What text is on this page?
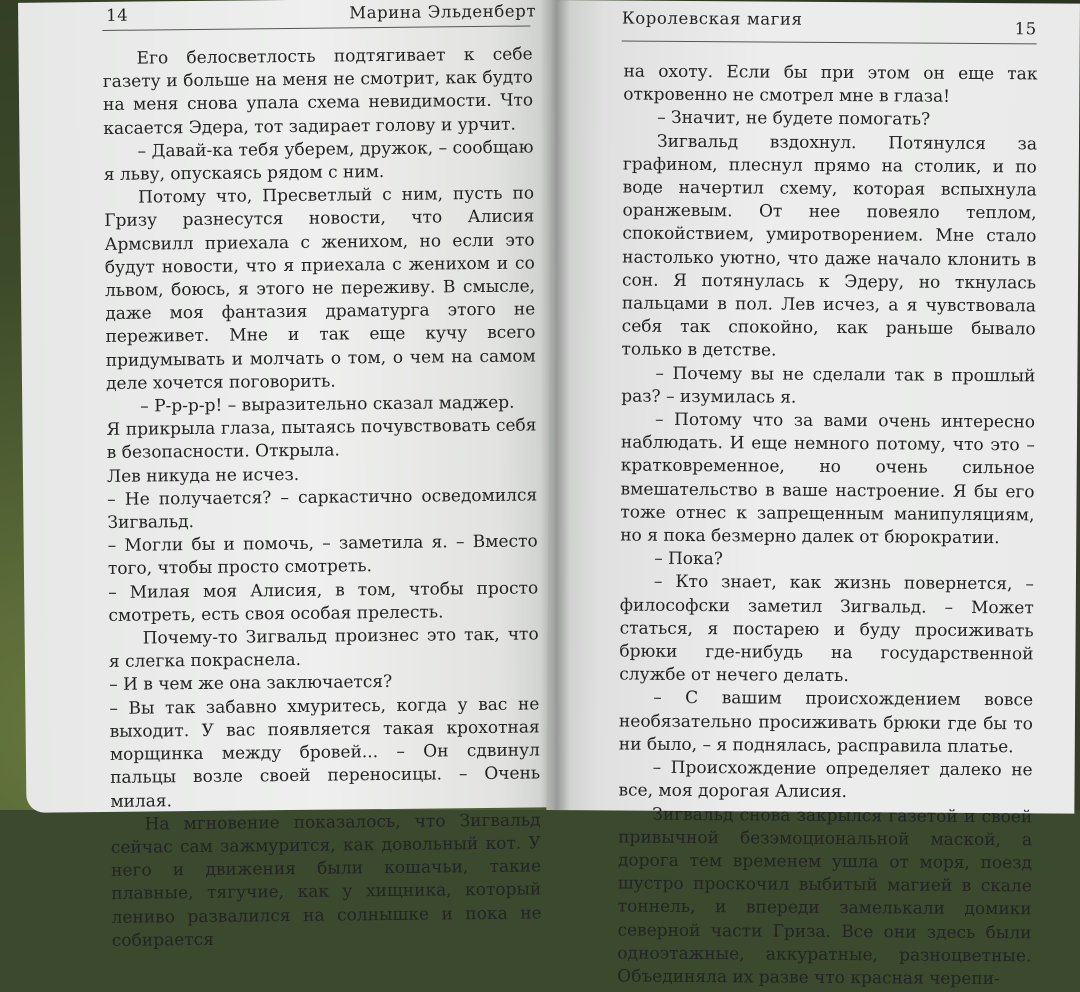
14	Марина Эльденберт

Его белосветлость подтягивает к себе газету и больше на меня не смотрит, как будто на меня снова упала схема невидимости. Что касается Эдера, тот задирает голову и урчит.

– Давай-ка тебя уберем, дружок, – сообщаю я льву, опускаясь рядом с ним.

Потому что, Пресветлый с ним, пусть по Гризу разнесутся новости, что Алисия Армсвилл приехала с женихом, но если это будут новости, что я приехала с женихом и со львом, боюсь, я этого не переживу. В смысле, даже моя фантазия драматурга этого не переживет. Мне и так еще кучу всего придумывать и молчать о том, о чем на самом деле хочется поговорить.

– Р-р-р-р! – выразительно сказал маджер.

Я прикрыла глаза, пытаясь почувствовать себя в безопасности. Открыла.

Лев никуда не исчез.

– Не получается? – саркастично осведомился Зигвальд.

– Могли бы и помочь, – заметила я. – Вместо того, чтобы просто смотреть.

– Милая моя Алисия, в том, чтобы просто смотреть, есть своя особая прелесть.

Почему-то Зигвальд произнес это так, что я слегка покраснела.

– И в чем же она заключается?

– Вы так забавно хмуритесь, когда у вас не выходит. У вас появляется такая крохотная морщинка между бровей... – Он сдвинул пальцы возле своей переносицы. – Очень милая.

На мгновение показалось, что Зигвальд сейчас сам зажмурится, как довольный кот. У него и движения были кошачьи, такие плавные, тягучие, как у хищника, который лениво развалился на солнышке и пока не собирается

Королевская магия
15

на охоту. Если бы при этом он еще так откровенно не смотрел мне в глаза!

– Значит, не будете помогать?

Зигвальд вздохнул. Потянулся за графином, плеснул прямо на столик, и по воде начертил схему, которая вспыхнула оранжевым. От нее повеяло теплом, спокойствием, умиротворением. Мне стало настолько уютно, что даже начало клонить в сон. Я потянулась к Эдеру, но ткнулась пальцами в пол. Лев исчез, а я чувствовала себя так спокойно, как раньше бывало только в детстве.

– Почему вы не сделали так в прошлый раз? – изумилась я.

– Потому что за вами очень интересно наблюдать. И еще немного потому, что это – кратковременное, но очень сильное вмешательство в ваше настроение. Я бы его тоже отнес к запрещенным манипуляциям, но я пока безмерно далек от бюрократии.

– Пока?

– Кто знает, как жизнь повернется, – философски заметил Зигвальд. – Может статься, я постарею и буду просиживать брюки где-нибудь на государственной службе от нечего делать.

– С вашим происхождением вовсе необязательно просиживать брюки где бы то ни было, – я поднялась, расправила платье.

– Происхождение определяет далеко не все, моя дорогая Алисия.

Зигвальд снова закрылся газетой и своей привычной безэмоциональной маской, а дорога тем временем ушла от моря, поезд шустро проскочил выбитый магией в скале тоннель, и впереди замелькали домики северной части Гриза. Все они здесь были одноэтажные, аккуратные, разноцветные. Объединяла их разве что красная черепи-
